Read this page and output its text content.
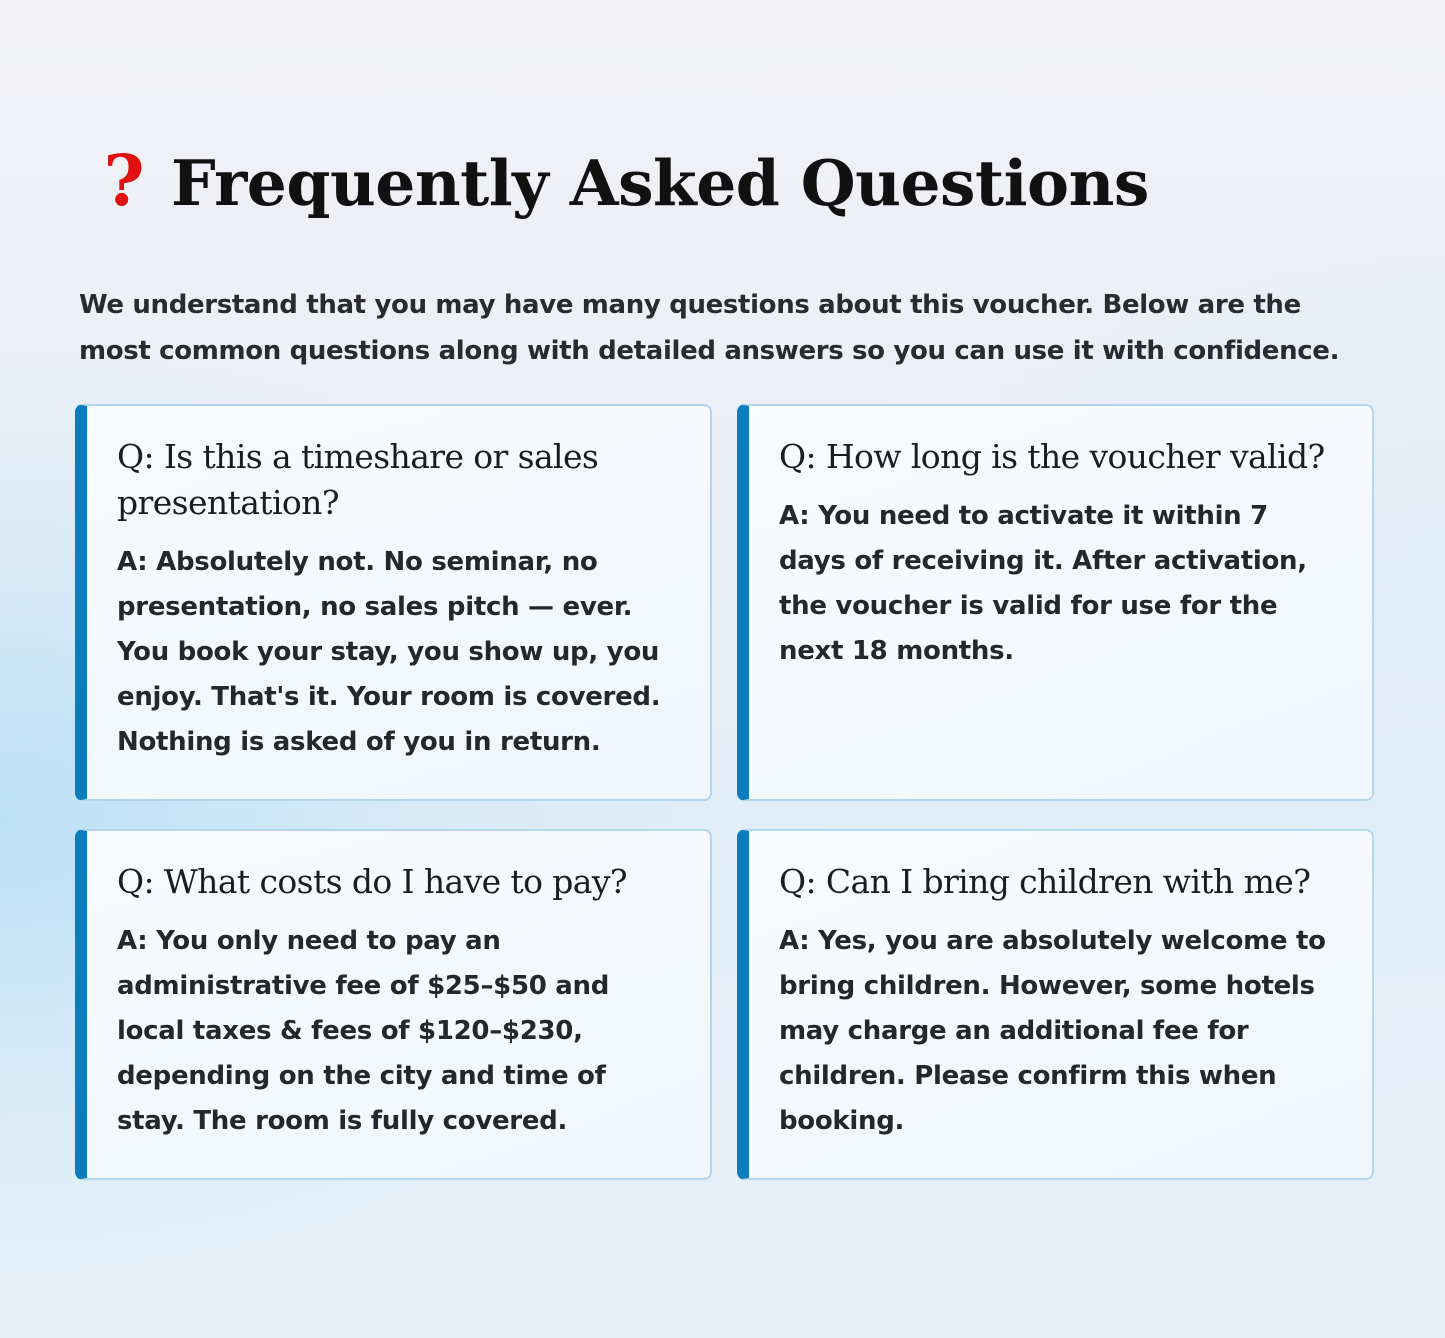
? Frequently Asked Questions

We understand that you may have many questions about this voucher. Below are the most common questions along with detailed answers so you can use it with confidence.

Q: Is this a timeshare or sales presentation?

A: Absolutely not. No seminar, no presentation, no sales pitch — ever. You book your stay, you show up, you enjoy. That's it. Your room is covered. Nothing is asked of you in return.

Q: How long is the voucher valid?

A: You need to activate it within 7 days of receiving it. After activation, the voucher is valid for use for the next 18 months.

Q: What costs do I have to pay?

A: You only need to pay an administrative fee of $25–$50 and local taxes & fees of $120–$230, depending on the city and time of stay. The room is fully covered.

Q: Can I bring children with me?

A: Yes, you are absolutely welcome to bring children. However, some hotels may charge an additional fee for children. Please confirm this when booking.
